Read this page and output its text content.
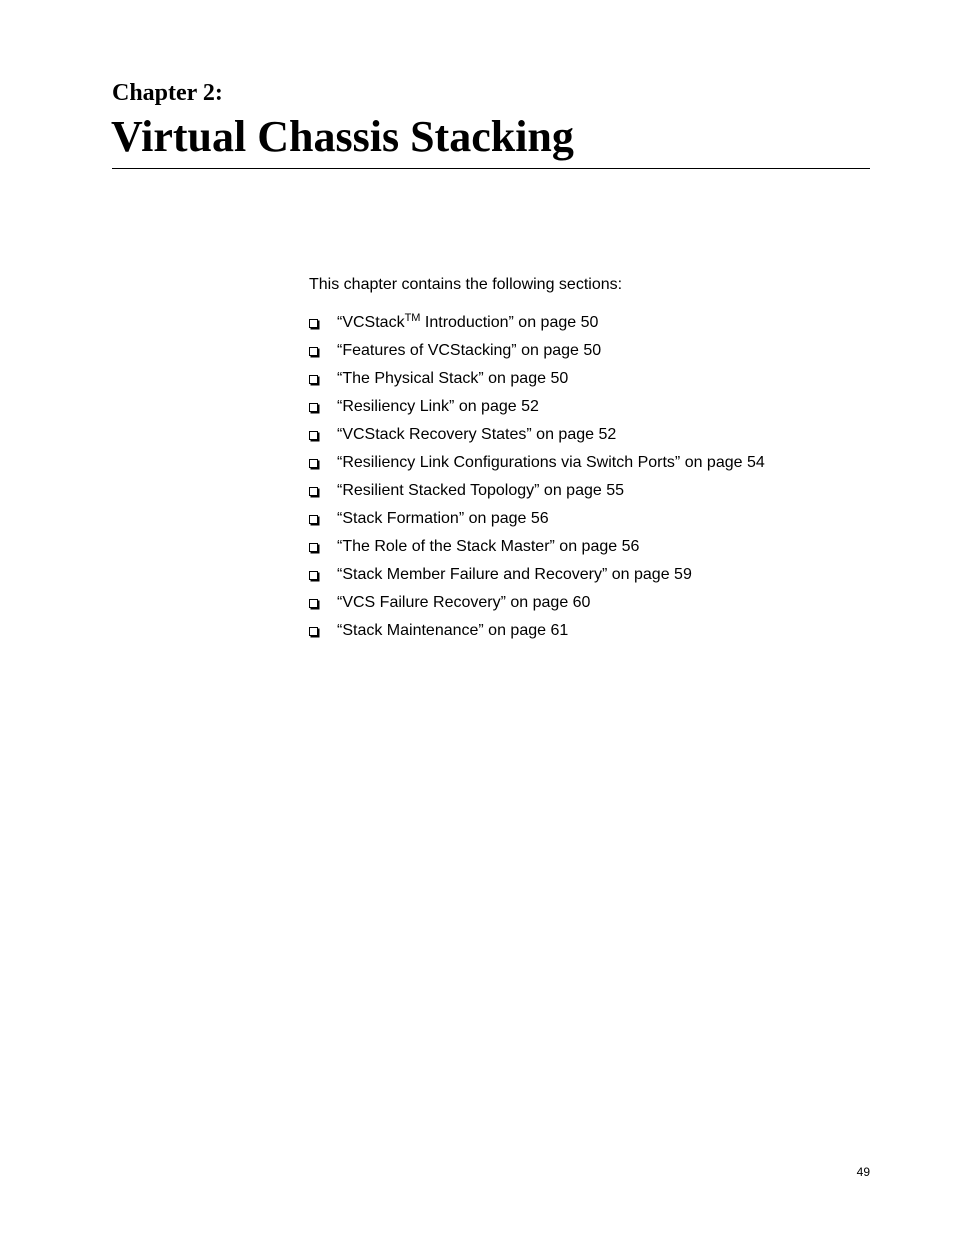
Chapter 2:
Virtual Chassis Stacking

This chapter contains the following sections:

“VCStack™ Introduction” on page 50
“Features of VCStacking” on page 50
“The Physical Stack” on page 50
“Resiliency Link” on page 52
“VCStack Recovery States” on page 52
“Resiliency Link Configurations via Switch Ports” on page 54
“Resilient Stacked Topology” on page 55
“Stack Formation” on page 56
“The Role of the Stack Master” on page 56
“Stack Member Failure and Recovery” on page 59
“VCS Failure Recovery” on page 60
“Stack Maintenance” on page 61
49
